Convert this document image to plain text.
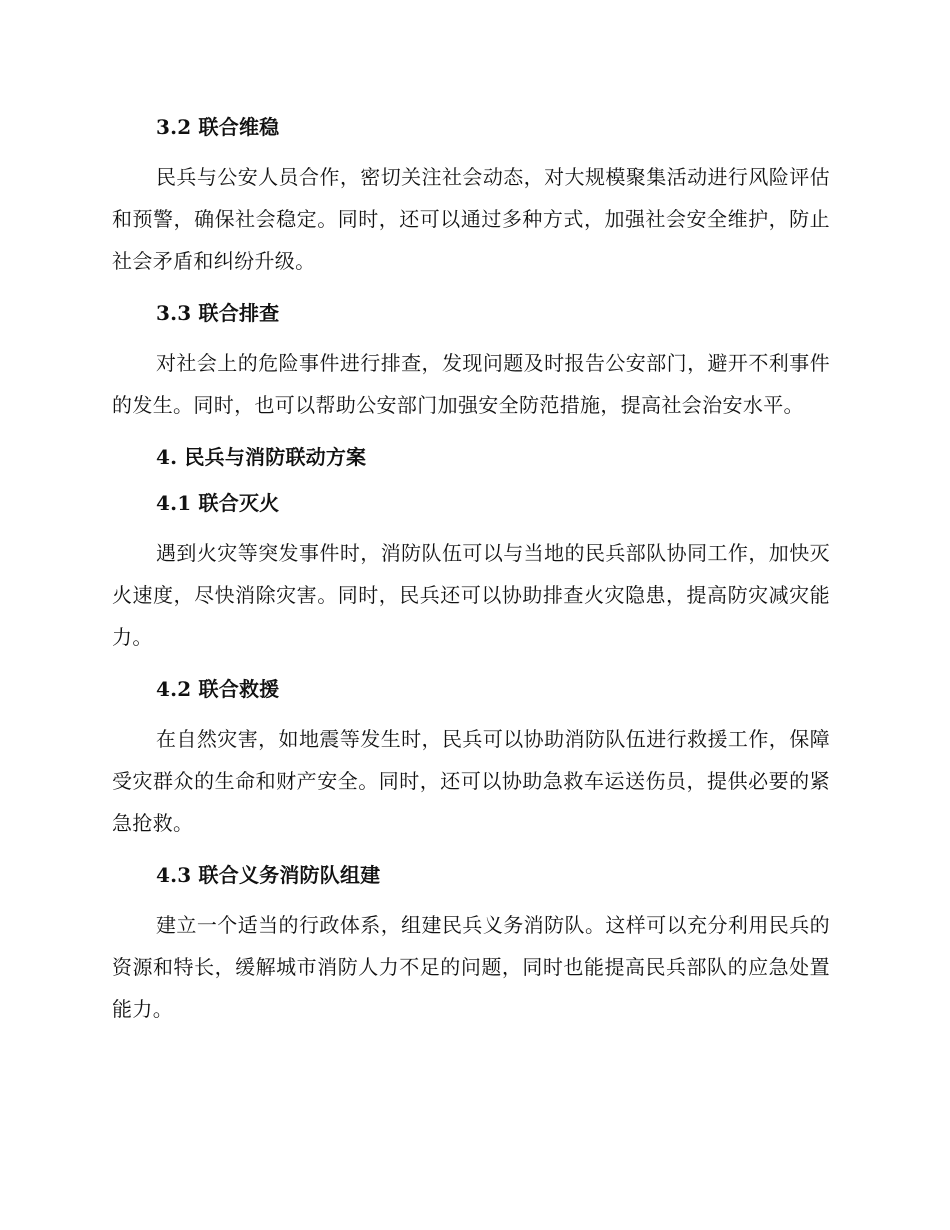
3.2 联合维稳

民兵与公安人员合作，密切关注社会动态，对大规模聚集活动进行风险评估和预警，确保社会稳定。同时，还可以通过多种方式，加强社会安全维护，防止社会矛盾和纠纷升级。

3.3 联合排查

对社会上的危险事件进行排查，发现问题及时报告公安部门，避开不利事件的发生。同时，也可以帮助公安部门加强安全防范措施，提高社会治安水平。

4. 民兵与消防联动方案
4.1 联合灭火

遇到火灾等突发事件时，消防队伍可以与当地的民兵部队协同工作，加快灭火速度，尽快消除灾害。同时，民兵还可以协助排查火灾隐患，提高防灾减灾能力。

4.2 联合救援

在自然灾害，如地震等发生时，民兵可以协助消防队伍进行救援工作，保障受灾群众的生命和财产安全。同时，还可以协助急救车运送伤员，提供必要的紧急抢救。

4.3 联合义务消防队组建

建立一个适当的行政体系，组建民兵义务消防队。这样可以充分利用民兵的资源和特长，缓解城市消防人力不足的问题，同时也能提高民兵部队的应急处置能力。
